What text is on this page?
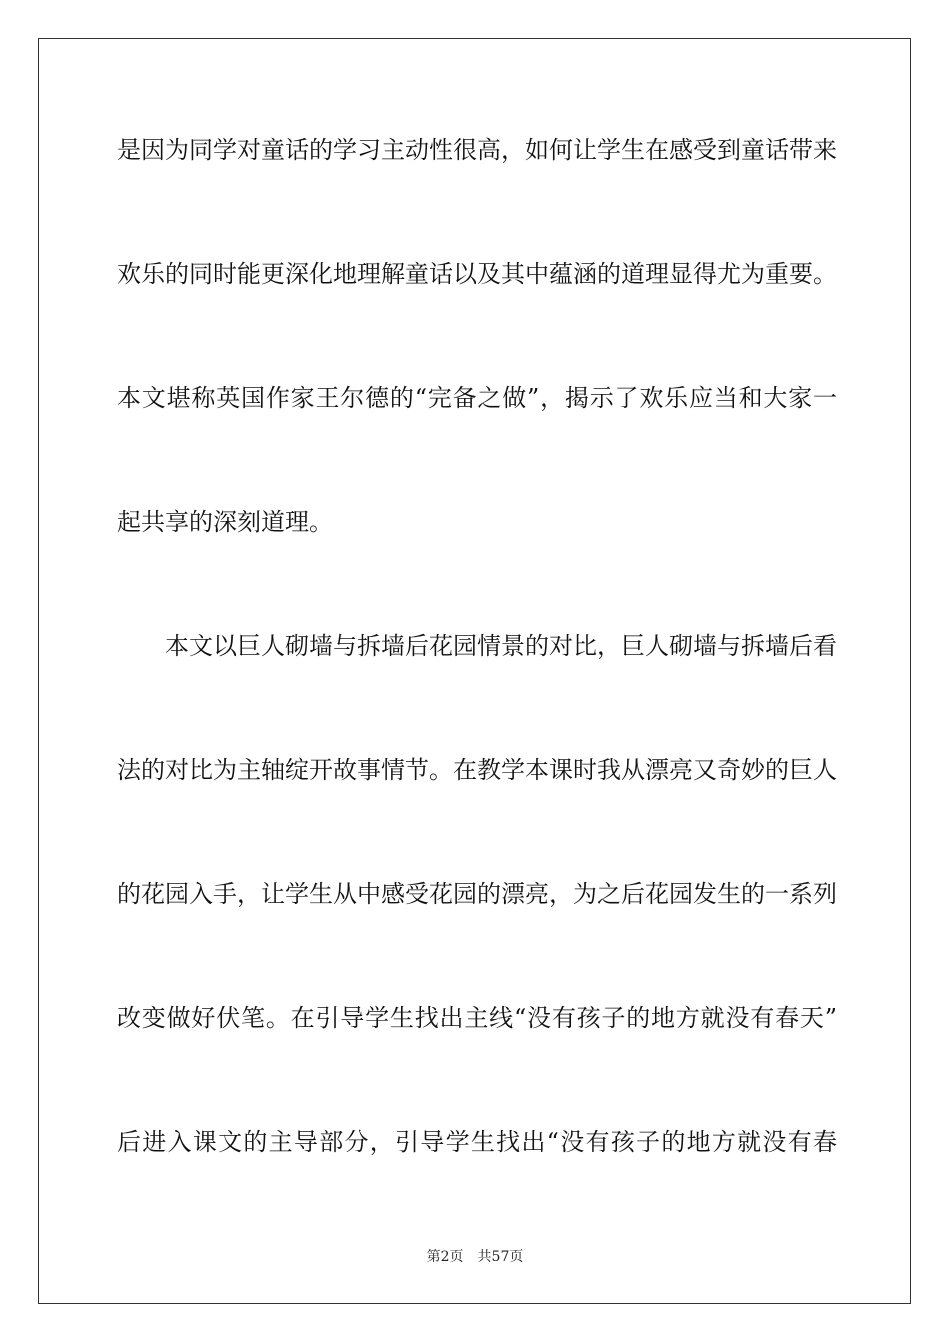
是因为同学对童话的学习主动性很高，如何让学生在感受到童话带来
欢乐的同时能更深化地理解童话以及其中蕴涵的道理显得尤为重要。
本文堪称英国作家王尔德的“完备之做”，揭示了欢乐应当和大家一
起共享的深刻道理。
本文以巨人砌墙与拆墙后花园情景的对比，巨人砌墙与拆墙后看
法的对比为主轴绽开故事情节。在教学本课时我从漂亮又奇妙的巨人
的花园入手，让学生从中感受花园的漂亮，为之后花园发生的一系列
改变做好伏笔。在引导学生找出主线“没有孩子的地方就没有春天”
后进入课文的主导部分，引导学生找出“没有孩子的地方就没有春
第2页 共57页
